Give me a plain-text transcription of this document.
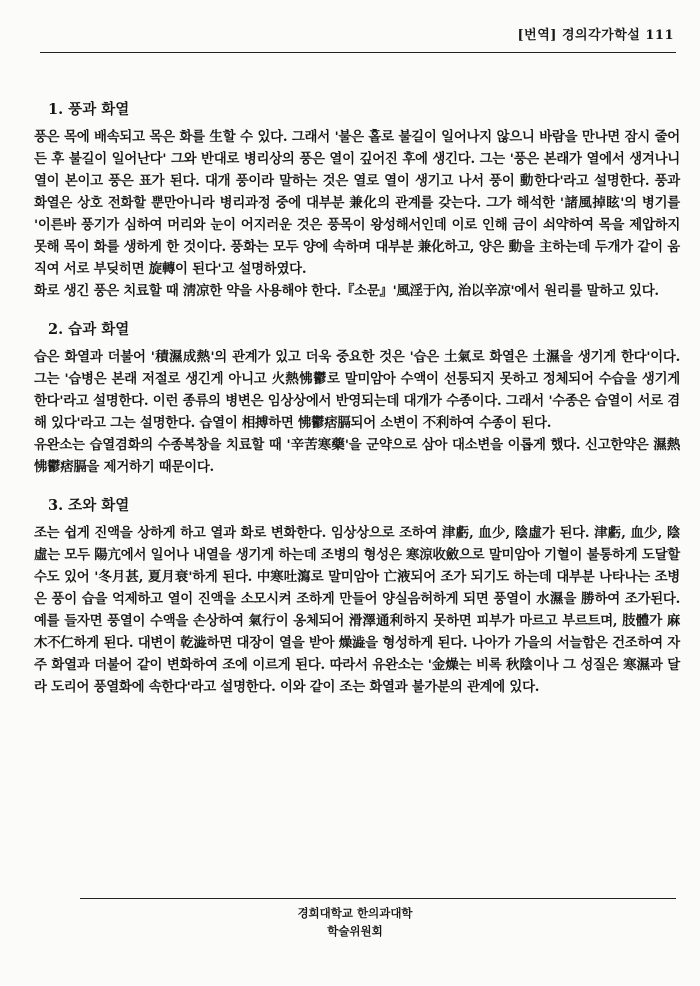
[번역] 경의각가학설 111
1. 풍과 화열

풍은 목에 배속되고 목은 화를 生할 수 있다. 그래서 '불은 홀로 불길이 일어나지 않으니 바람을 만나면 잠시 줄어든 후 불길이 일어난다' 그와 반대로 병리상의 풍은 열이 깊어진 후에 생긴다. 그는 '풍은 본래가 열에서 생겨나니 열이 본이고 풍은 표가 된다. 대개 풍이라 말하는 것은 열로 열이 생기고 나서 풍이 動한다'라고 설명한다. 풍과 화열은 상호 전화할 뿐만아니라 병리과정 중에 대부분 兼化의 관계를 갖는다. 그가 해석한 '諸風掉眩'의 병기를 '이른바 풍기가 심하여 머리와 눈이 어지러운 것은 풍목이 왕성해서인데 이로 인해 금이 쇠약하여 목을 제압하지 못해 목이 화를 생하게 한 것이다. 풍화는 모두 양에 속하며 대부분 兼化하고, 양은 動을 主하는데 두개가 같이 움직여 서로 부딪히면 旋轉이 된다'고 설명하였다.

화로 생긴 풍은 치료할 때 淸凉한 약을 사용해야 한다.『소문』'風淫于內, 治以辛凉'에서 원리를 말하고 있다.

2. 습과 화열

습은 화열과 더불어 '積濕成熱'의 관계가 있고 더욱 중요한 것은 '습은 土氣로 화열은 土濕을 생기게 한다'이다. 그는 '습병은 본래 저절로 생긴게 아니고 火熱怫鬱로 말미암아 수액이 선통되지 못하고 정체되어 수습을 생기게 한다'라고 설명한다. 이런 종류의 병변은 임상상에서 반영되는데 대개가 수종이다. 그래서 '수종은 습열이 서로 겸해 있다'라고 그는 설명한다. 습열이 相搏하면 怫鬱痞膈되어 소변이 不利하여 수종이 된다.

유완소는 습열겸화의 수종복창을 치료할 때 '辛苦寒藥'을 군약으로 삼아 대소변을 이롭게 했다. 신고한약은 濕熱怫鬱痞膈을 제거하기 때문이다.

3. 조와 화열

조는 쉽게 진액을 상하게 하고 열과 화로 변화한다. 임상상으로 조하여 津虧, 血少, 陰虛가 된다. 津虧, 血少, 陰虛는 모두 陽亢에서 일어나 내열을 생기게 하는데 조병의 형성은 寒涼收斂으로 말미암아 기혈이 불통하게 도달할 수도 있어 '冬月甚, 夏月衰'하게 된다. 中寒吐瀉로 말미암아 亡液되어 조가 되기도 하는데 대부분 나타나는 조병은 풍이 습을 억제하고 열이 진액을 소모시켜 조하게 만들어 양실음허하게 되면 풍열이 水濕을 勝하여 조가된다. 예를 들자면 풍열이 수액을 손상하여 氣行이 옹체되어 滑澤通利하지 못하면 피부가 마르고 부르트며, 肢體가 麻木不仁하게 된다. 대변이 乾澁하면 대장이 열을 받아 燥澁을 형성하게 된다. 나아가 가을의 서늘함은 건조하여 자주 화열과 더불어 같이 변화하여 조에 이르게 된다. 따라서 유완소는 '金燥는 비록 秋陰이나 그 성질은 寒濕과 달라 도리어 풍열화에 속한다'라고 설명한다. 이와 같이 조는 화열과 불가분의 관계에 있다.

경희대학교 한의과대학
학술위원회
